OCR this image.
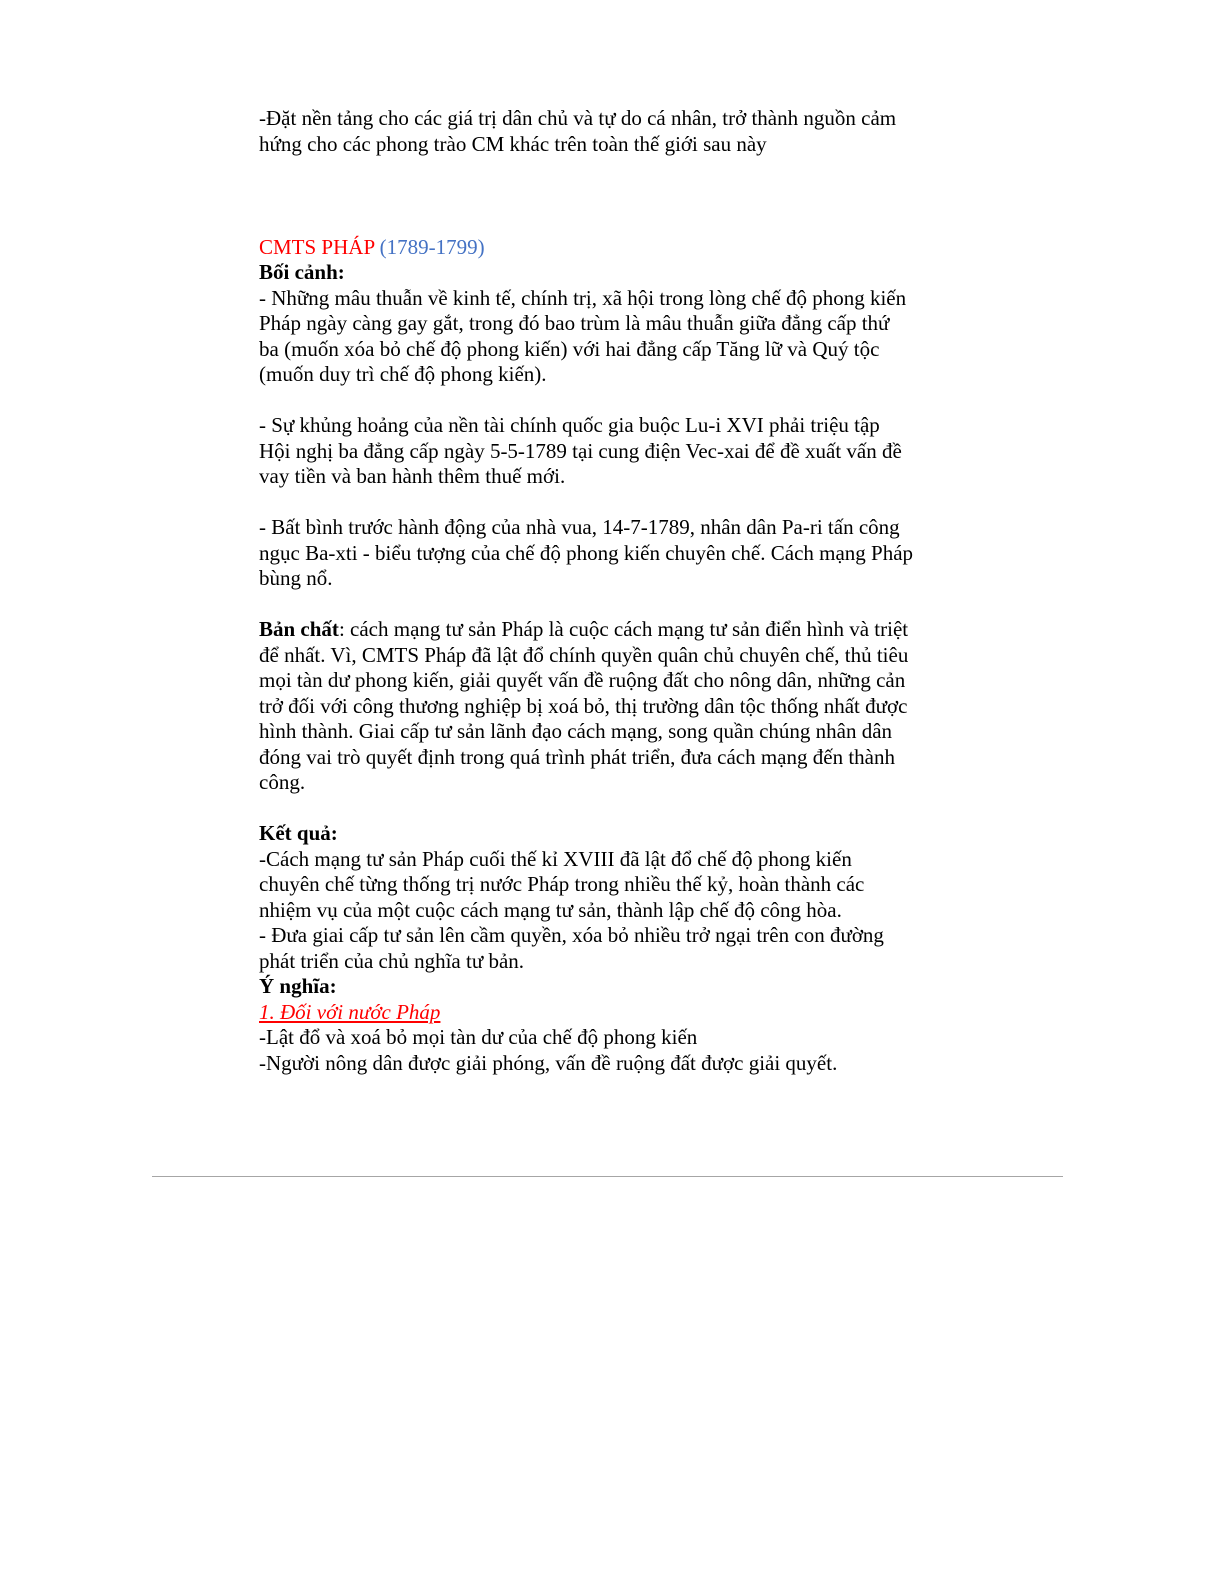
-Đặt nền tảng cho các giá trị dân chủ và tự do cá nhân, trở thành nguồn cảm

hứng cho các phong trào CM khác trên toàn thế giới sau này

CMTS PHÁP (1789-1799)

Bối cảnh:

- Những mâu thuẫn về kinh tế, chính trị, xã hội trong lòng chế độ phong kiến

Pháp ngày càng gay gắt, trong đó bao trùm là mâu thuẫn giữa đẳng cấp thứ

ba (muốn xóa bỏ chế độ phong kiến) với hai đẳng cấp Tăng lữ và Quý tộc

(muốn duy trì chế độ phong kiến).

- Sự khủng hoảng của nền tài chính quốc gia buộc Lu-i XVI phải triệu tập

Hội nghị ba đẳng cấp ngày 5-5-1789 tại cung điện Vec-xai để đề xuất vấn đề

vay tiền và ban hành thêm thuế mới.

- Bất bình trước hành động của nhà vua, 14-7-1789, nhân dân Pa-ri tấn công

ngục Ba-xti - biểu tượng của chế độ phong kiến chuyên chế. Cách mạng Pháp

bùng nổ.

Bản chất: cách mạng tư sản Pháp là cuộc cách mạng tư sản điển hình và triệt

để nhất. Vì, CMTS Pháp đã lật đổ chính quyền quân chủ chuyên chế, thủ tiêu

mọi tàn dư phong kiến, giải quyết vấn đề ruộng đất cho nông dân, những cản

trở đối với công thương nghiệp bị xoá bỏ, thị trường dân tộc thống nhất được

hình thành. Giai cấp tư sản lãnh đạo cách mạng, song quần chúng nhân dân

đóng vai trò quyết định trong quá trình phát triển, đưa cách mạng đến thành

công.

Kết quả:

-Cách mạng tư sản Pháp cuối thế kỉ XVIII đã lật đổ chế độ phong kiến

chuyên chế từng thống trị nước Pháp trong nhiều thế kỷ, hoàn thành các

nhiệm vụ của một cuộc cách mạng tư sản, thành lập chế độ công hòa.

- Đưa giai cấp tư sản lên cầm quyền, xóa bỏ nhiều trở ngại trên con đường

phát triển của chủ nghĩa tư bản.

Ý nghĩa:

1. Đối với nước Pháp

-Lật đổ và xoá bỏ mọi tàn dư của chế độ phong kiến

-Người nông dân được giải phóng, vấn đề ruộng đất được giải quyết.
